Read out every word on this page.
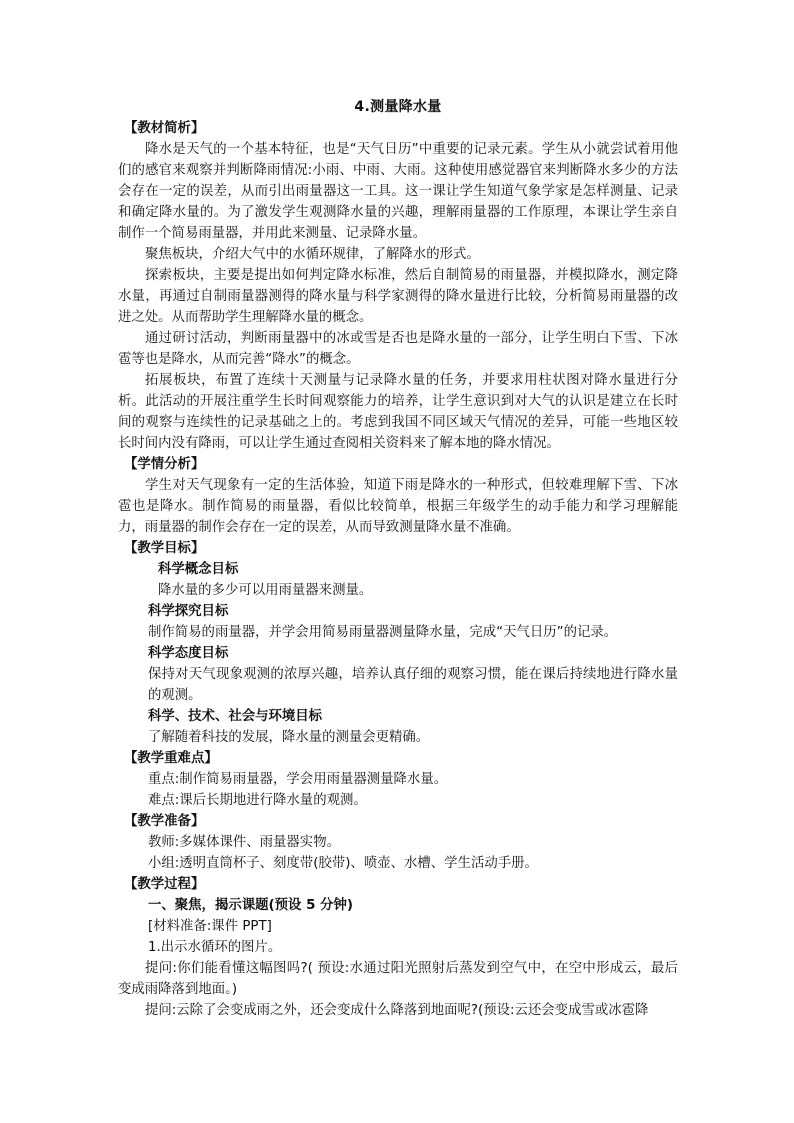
4.测量降水量
【教材简析】

降水是天气的一个基本特征，也是“天气日历”中重要的记录元素。学生从小就尝试着用他们的感官来观察并判断降雨情况:小雨、中雨、大雨。这种使用感觉器官来判断降水多少的方法会存在一定的误差，从而引出雨量器这一工具。这一课让学生知道气象学家是怎样测量、记录和确定降水量的。为了激发学生观测降水量的兴趣，理解雨量器的工作原理，本课让学生亲自制作一个简易雨量器，并用此来测量、记录降水量。

聚焦板块，介绍大气中的水循环规律，了解降水的形式。

探索板块，主要是提出如何判定降水标准，然后自制简易的雨量器，并模拟降水，测定降水量，再通过自制雨量器测得的降水量与科学家测得的降水量进行比较，分析简易雨量器的改进之处。从而帮助学生理解降水量的概念。

通过研讨活动，判断雨量器中的冰或雪是否也是降水量的一部分，让学生明白下雪、下冰雹等也是降水，从而完善“降水”的概念。

拓展板块，布置了连续十天测量与记录降水量的任务，并要求用柱状图对降水量进行分析。此活动的开展注重学生长时间观察能力的培养，让学生意识到对大气的认识是建立在长时间的观察与连续性的记录基础之上的。考虑到我国不同区域天气情况的差异，可能一些地区较长时间内没有降雨，可以让学生通过查阅相关资料来了解本地的降水情况。

【学情分析】

学生对天气现象有一定的生活体验，知道下雨是降水的一种形式，但较难理解下雪、下冰雹也是降水。制作简易的雨量器，看似比较简单，根据三年级学生的动手能力和学习理解能力，雨量器的制作会存在一定的误差，从而导致测量降水量不准确。

【教学目标】
科学概念目标

降水量的多少可以用雨量器来测量。

科学探究目标

制作简易的雨量器，并学会用简易雨量器测量降水量，完成“天气日历”的记录。

科学态度目标

保持对天气现象观测的浓厚兴趣，培养认真仔细的观察习惯，能在课后持续地进行降水量的观测。

科学、技术、社会与环境目标

了解随着科技的发展，降水量的测量会更精确。

【教学重难点】

重点:制作简易雨量器，学会用雨量器测量降水量。

难点:课后长期地进行降水量的观测。

【教学准备】

教师:多媒体课件、雨量器实物。

小组:透明直筒杯子、刻度带(胶带)、喷壶、水槽、学生活动手册。

【教学过程】
一、聚焦，揭示课题(预设 5 分钟)

[材料准备:课件 PPT]

1.出示水循环的图片。

提问:你们能看懂这幅图吗?( 预设:水通过阳光照射后蒸发到空气中，在空中形成云，最后变成雨降落到地面。)

提问:云除了会变成雨之外，还会变成什么降落到地面呢?(预设:云还会变成雪或冰雹降
